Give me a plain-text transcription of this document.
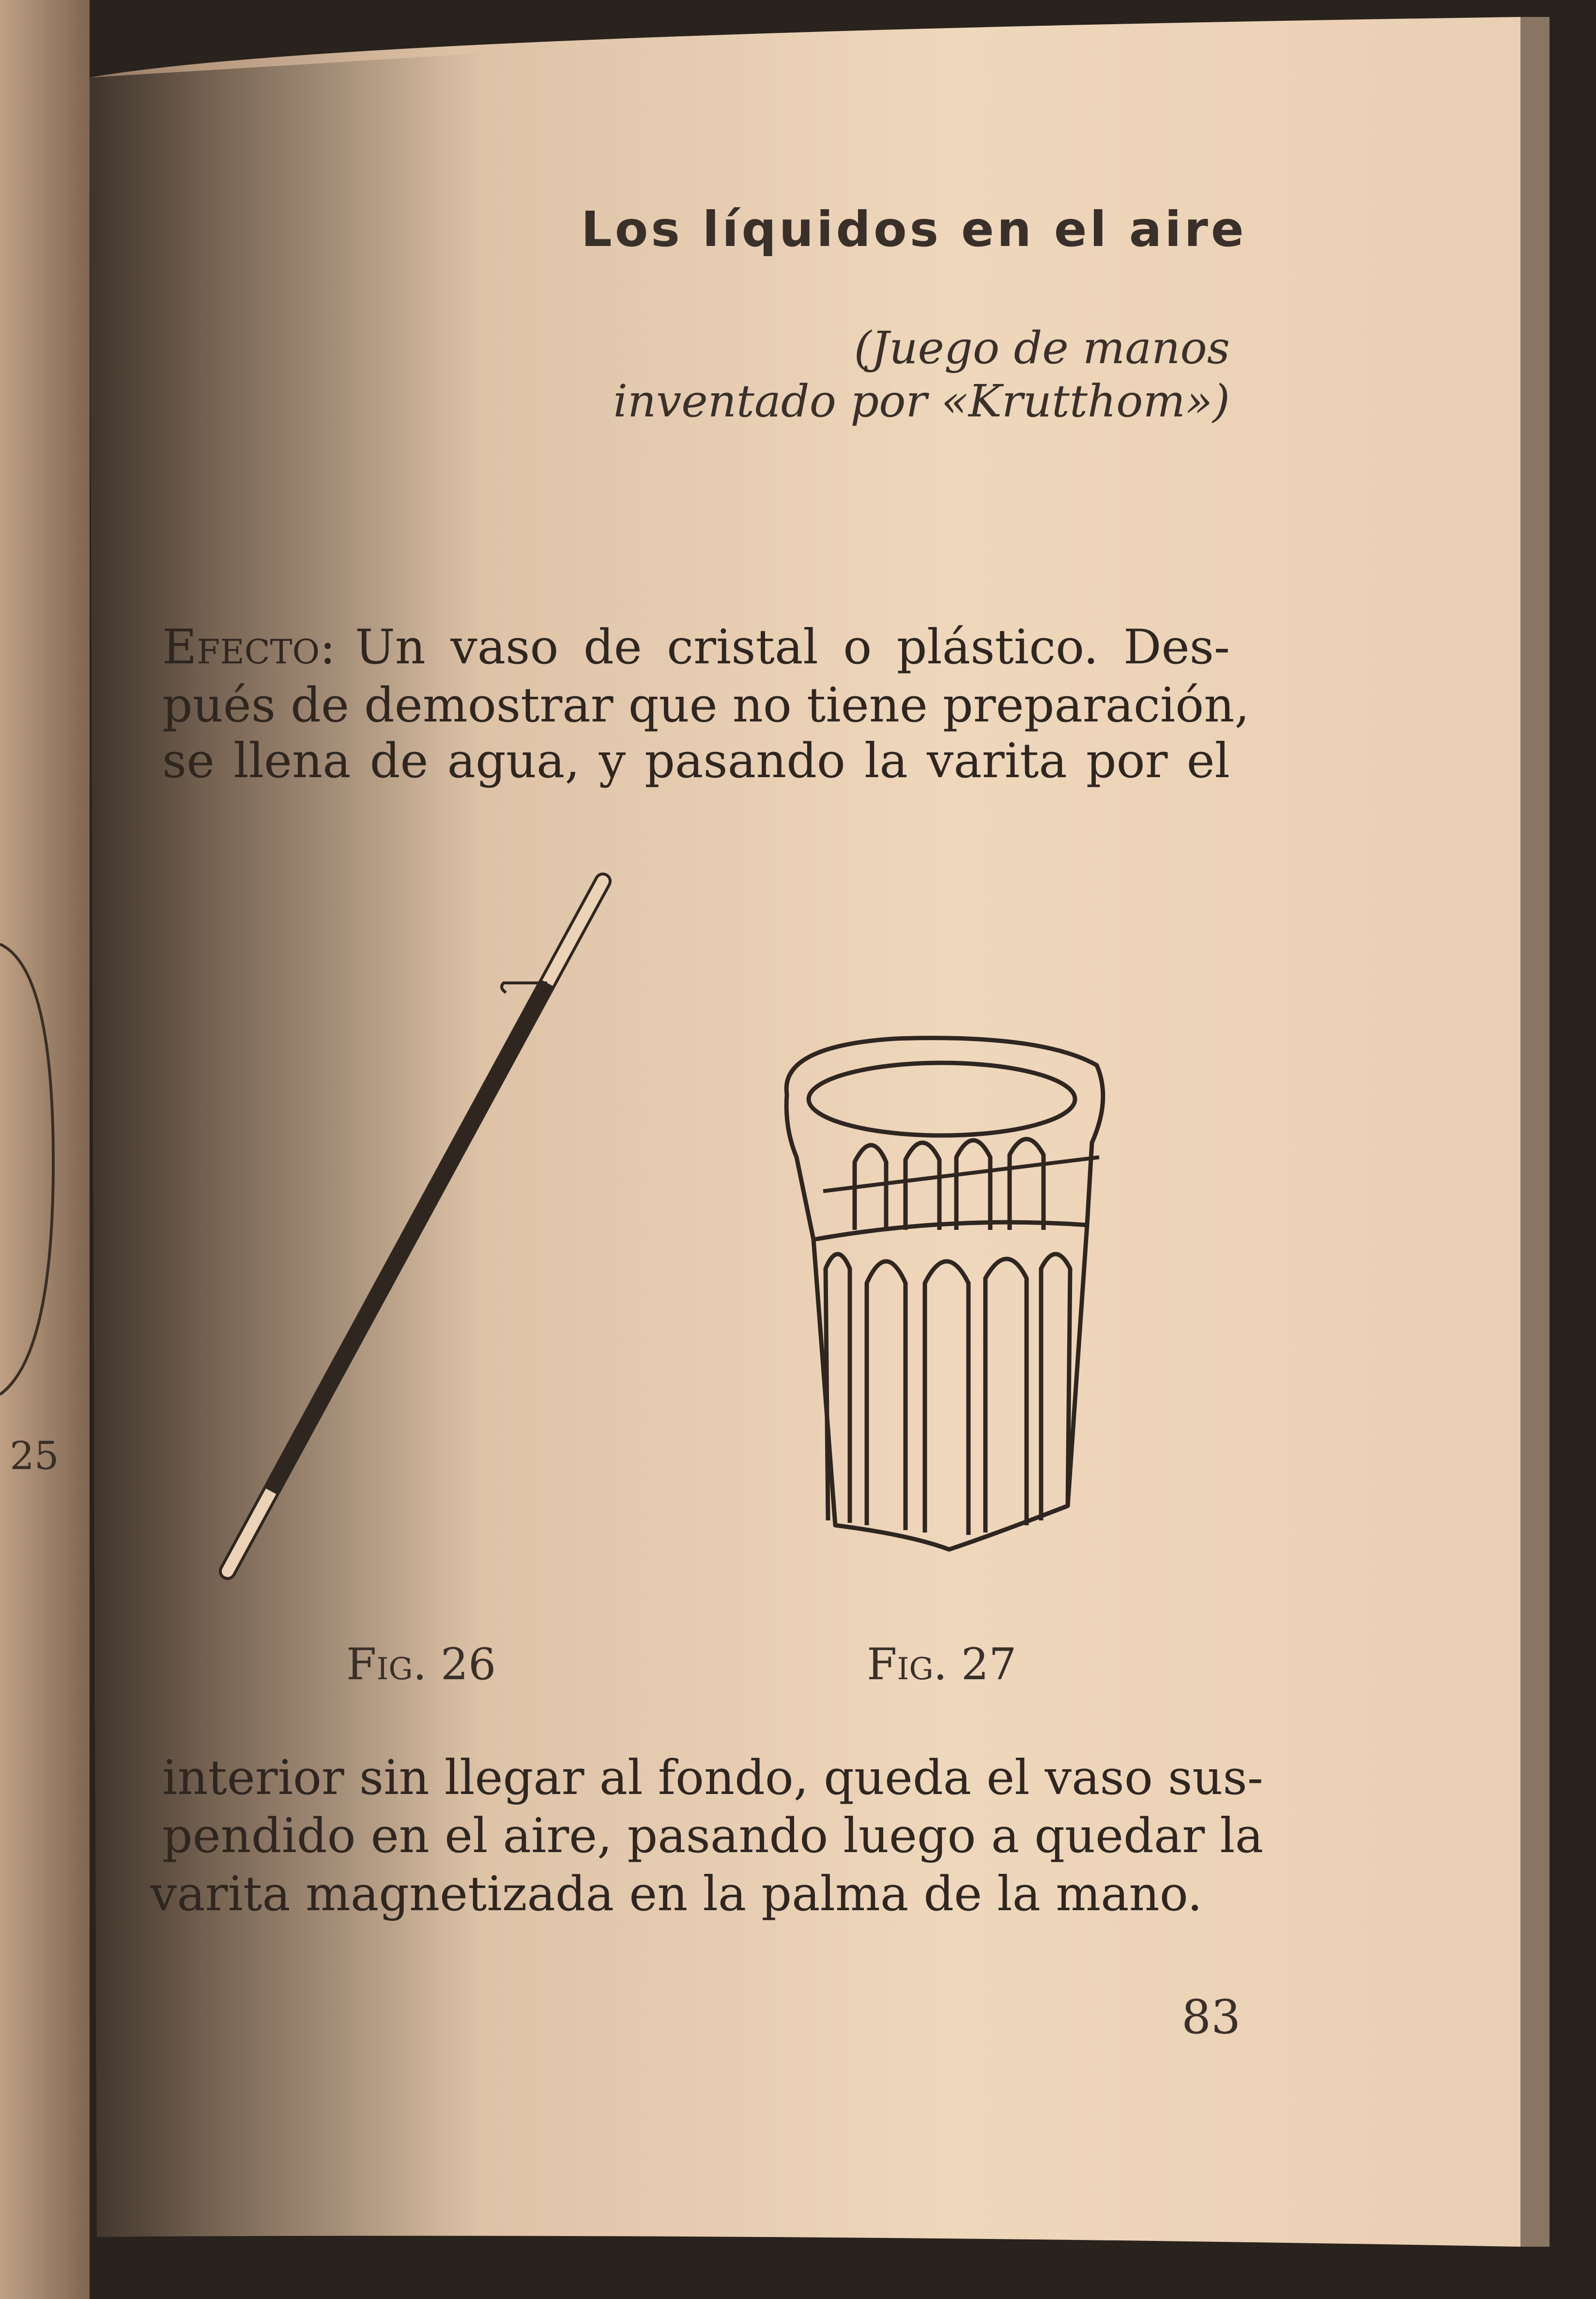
25
Los líquidos en el aire
(Juego de manos
inventado por «Krutthom»)
Efecto: Un vaso de cristal o plástico. Des-
pués de demostrar que no tiene preparación,
se llena de agua, y pasando la varita por el
Fig. 26	Fig. 27
interior sin llegar al fondo, queda el vaso sus-
pendido en el aire, pasando luego a quedar la
varita magnetizada en la palma de la mano.
83
